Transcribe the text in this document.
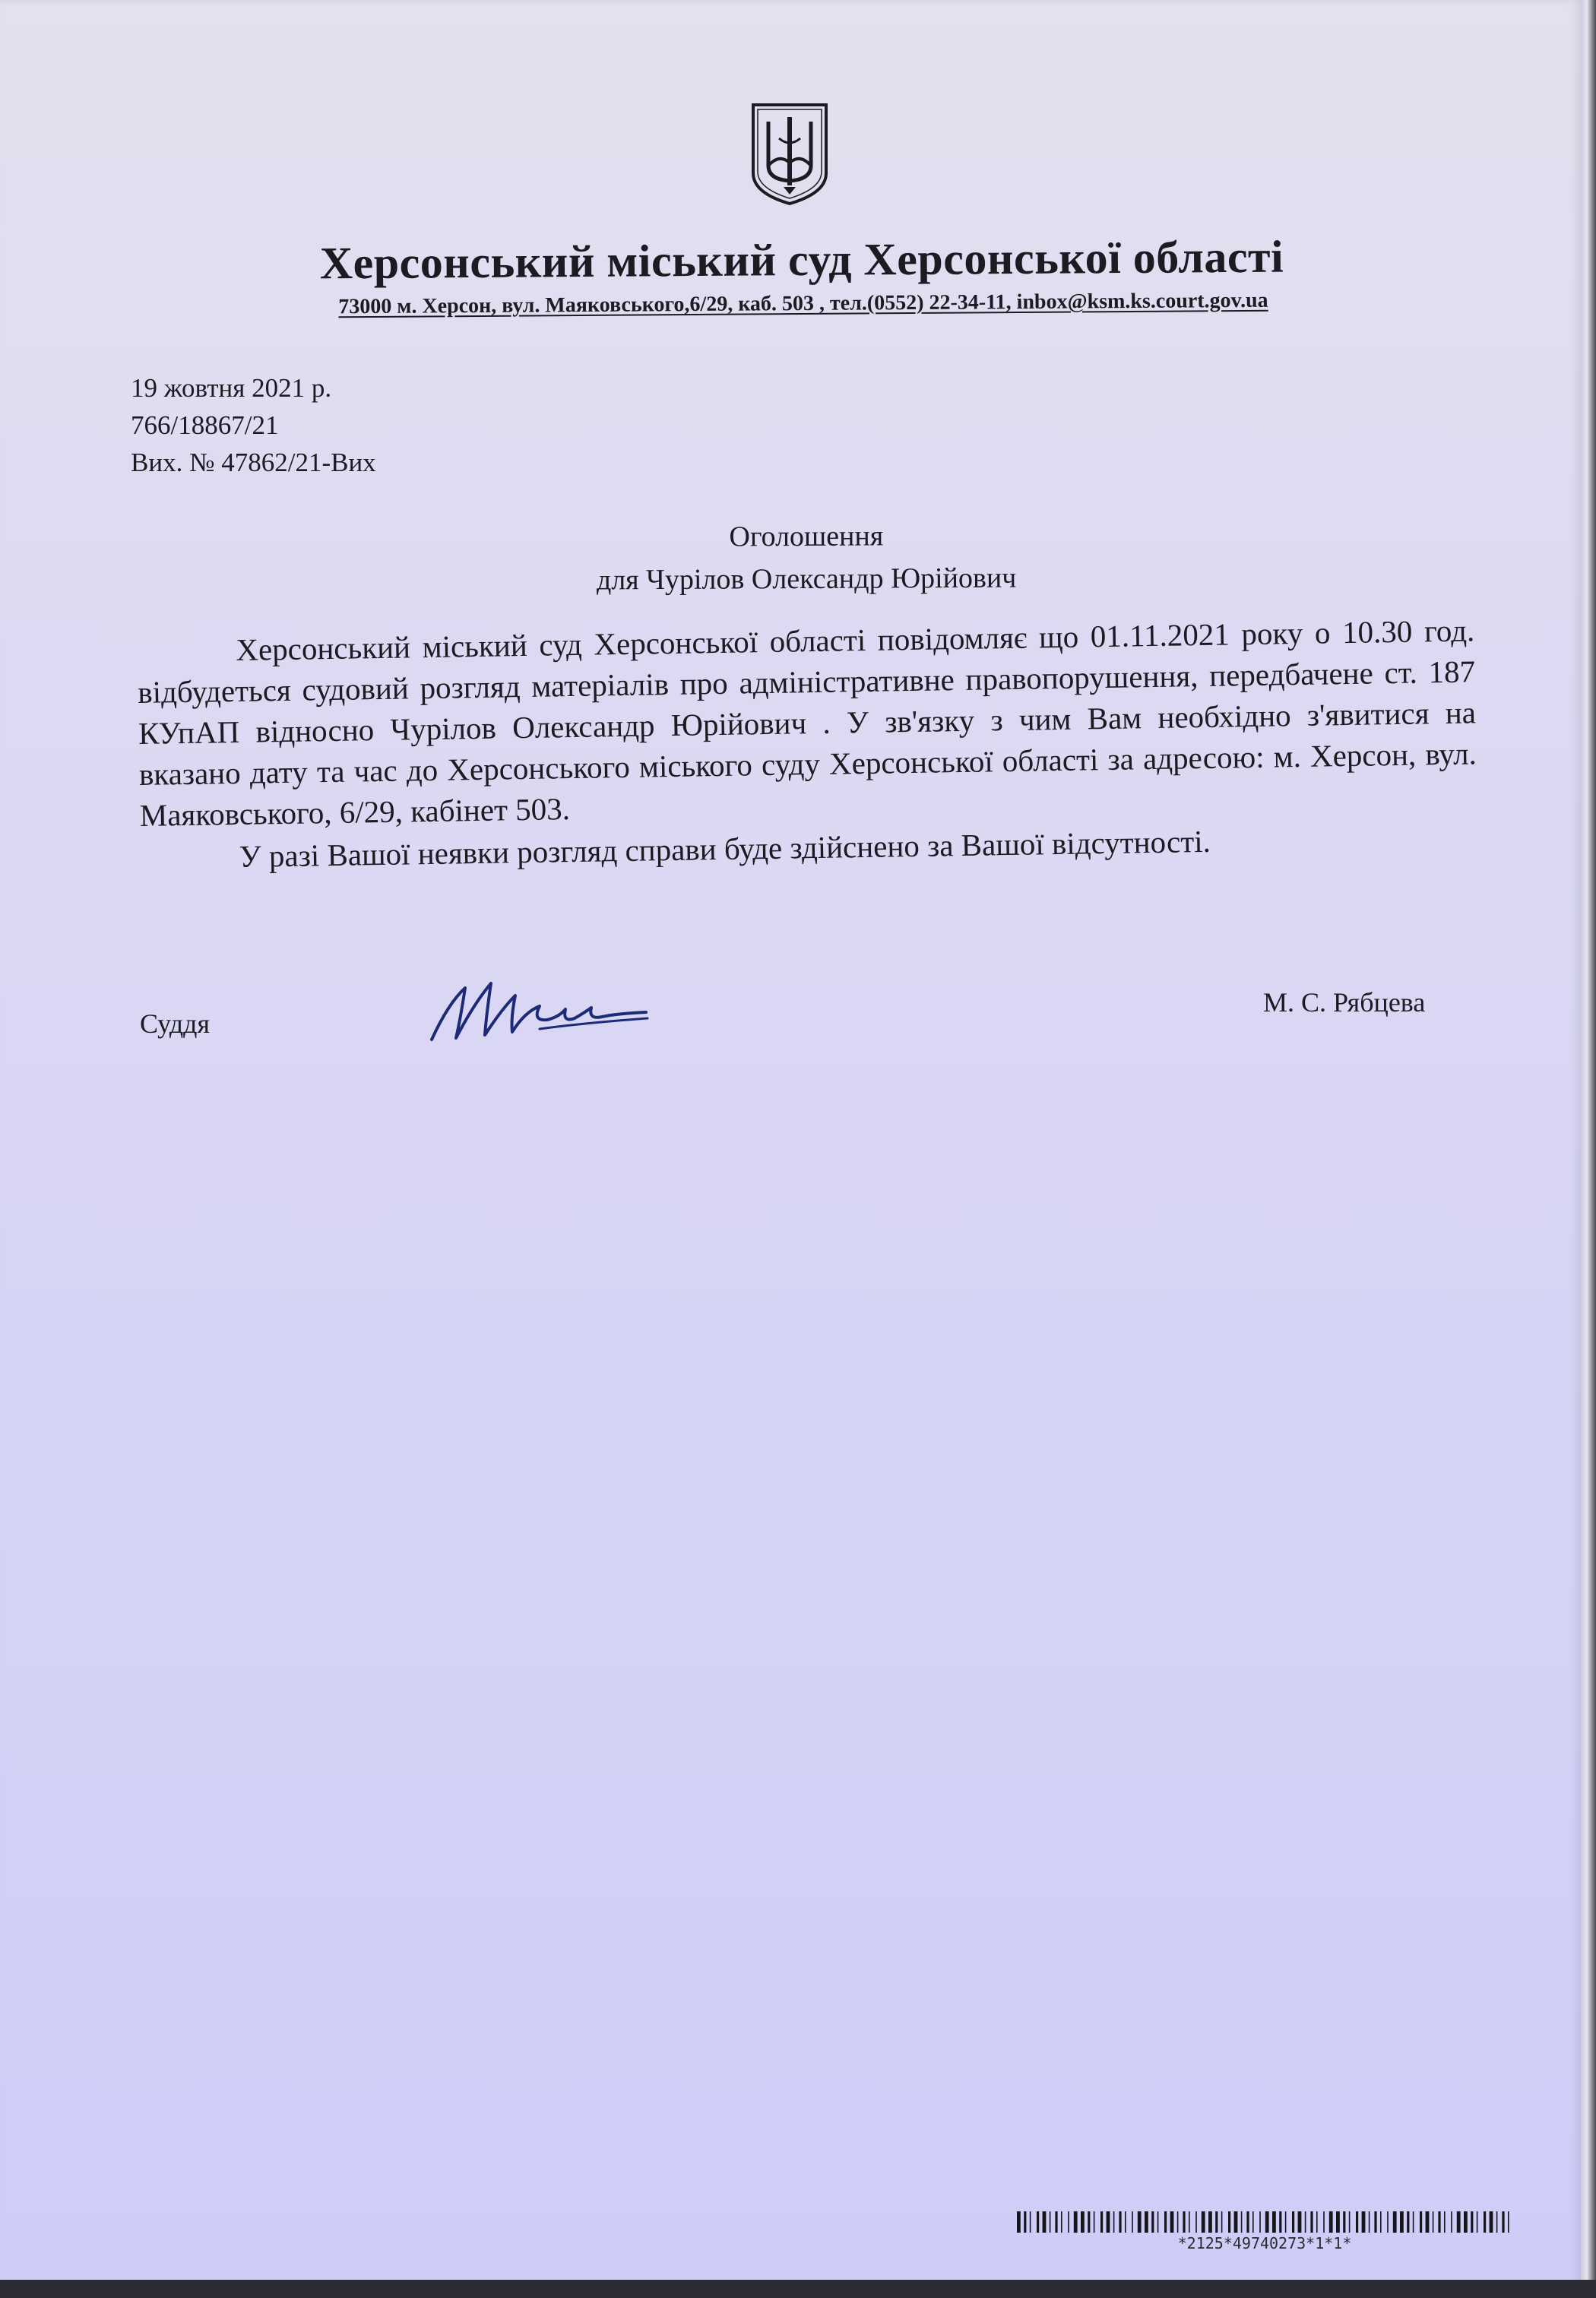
Херсонський міський суд Херсонської області
73000 м. Херсон, вул. Маяковського,6/29, каб. 503 , тел.(0552) 22-34-11, inbox@ksm.ks.court.gov.ua
19 жовтня 2021 р.
766/18867/21
Вих. № 47862/21-Вих
Оголошення
для Чурілов Олександр Юрійович

Херсонський міський суд Херсонської області повідомляє що 01.11.2021 року о 10.30 год. відбудеться судовий розгляд матеріалів про адміністративне правопорушення, передбачене ст. 187 КУпАП відносно Чурілов Олександр Юрійович . У зв'язку з чим Вам необхідно з'явитися на вказано дату та час до Херсонського міського суду Херсонської області за адресою: м. Херсон, вул. Маяковського, 6/29, кабінет 503.

У разі Вашої неявки розгляд справи буде здійснено за Вашої відсутності.

Суддя
М. С. Рябцева
*2125*49740273*1*1*
